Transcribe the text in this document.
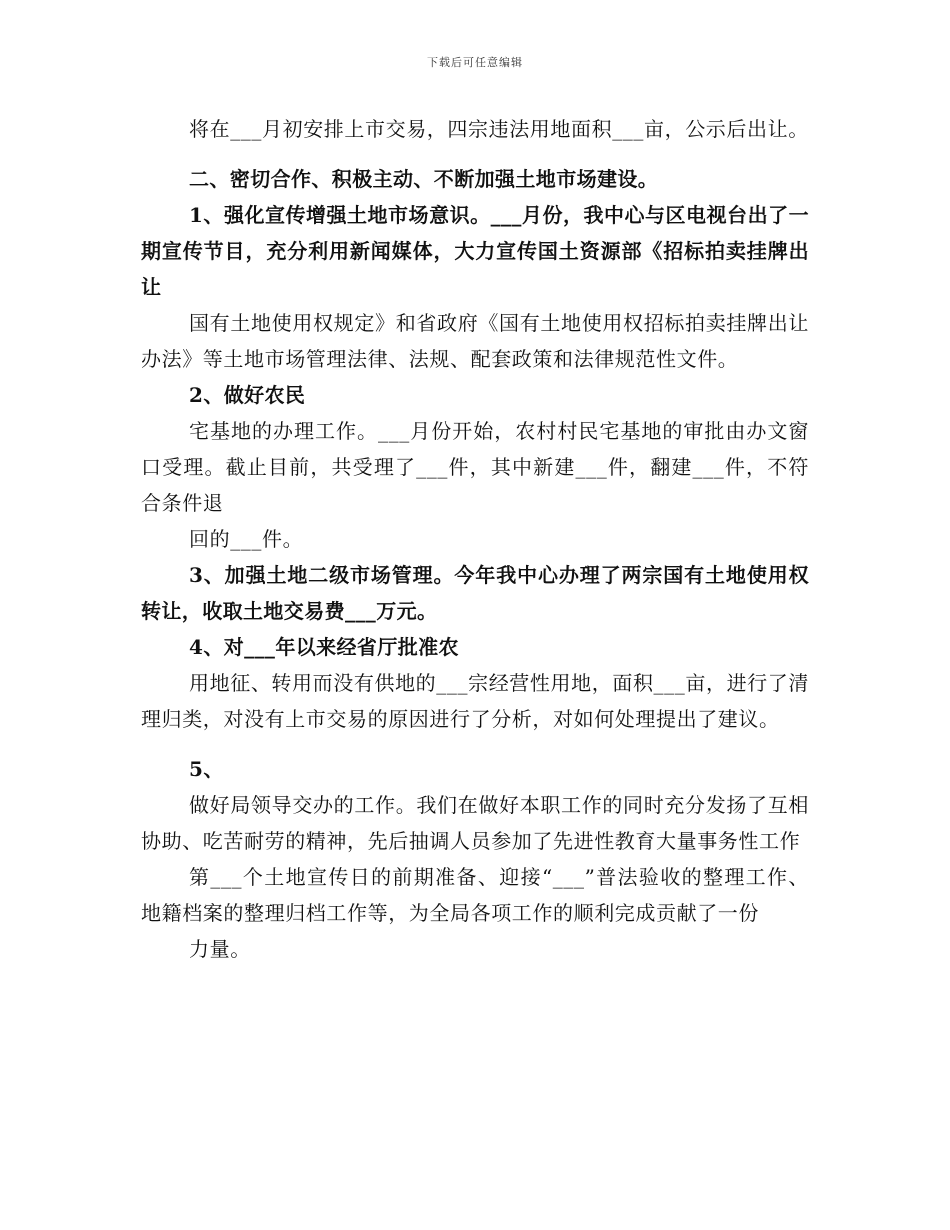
下载后可任意编辑

将在___月初安排上市交易，四宗违法用地面积___亩，公示后出让。

二、密切合作、积极主动、不断加强土地市场建设。

1、强化宣传增强土地市场意识。___月份，我中心与区电视台出了一期宣传节目，充分利用新闻媒体，大力宣传国土资源部《招标拍卖挂牌出让

国有土地使用权规定》和省政府《国有土地使用权招标拍卖挂牌出让办法》等土地市场管理法律、法规、配套政策和法律规范性文件。

2、做好农民

宅基地的办理工作。___月份开始，农村村民宅基地的审批由办文窗口受理。截止目前，共受理了___件，其中新建___件，翻建___件，不符合条件退

回的___件。

3、加强土地二级市场管理。今年我中心办理了两宗国有土地使用权转让，收取土地交易费___万元。

4、对___年以来经省厅批准农

用地征、转用而没有供地的___宗经营性用地，面积___亩，进行了清理归类，对没有上市交易的原因进行了分析，对如何处理提出了建议。

5、

做好局领导交办的工作。我们在做好本职工作的同时充分发扬了互相协助、吃苦耐劳的精神，先后抽调人员参加了先进性教育大量事务性工作

第___个土地宣传日的前期准备、迎接“___”普法验收的整理工作、地籍档案的整理归档工作等，为全局各项工作的顺利完成贡献了一份

力量。
